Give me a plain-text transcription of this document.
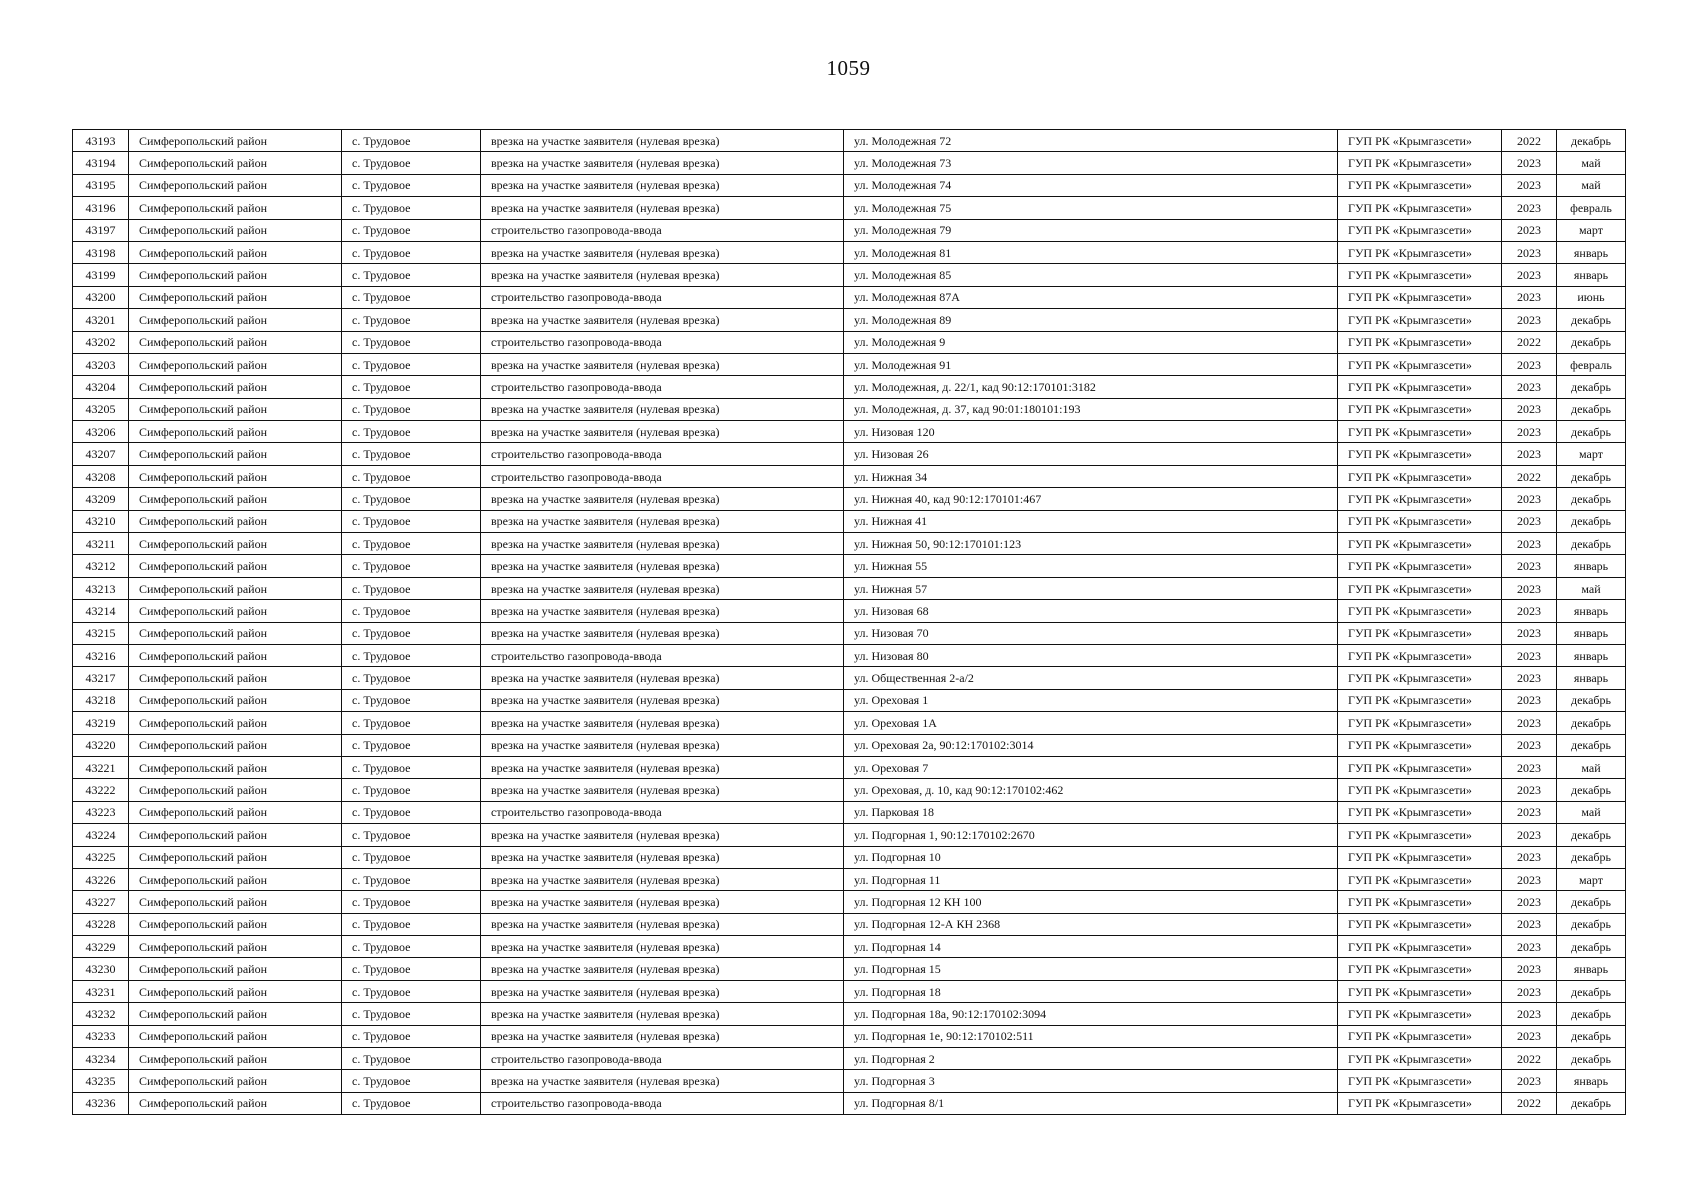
1059
43193	Симферопольский район	с. Трудовое	врезка на участке заявителя (нулевая врезка)	ул. Молодежная 72	ГУП РК «Крымгазсети»	2022	декабрь
43194	Симферопольский район	с. Трудовое	врезка на участке заявителя (нулевая врезка)	ул. Молодежная 73	ГУП РК «Крымгазсети»	2023	май
43195	Симферопольский район	с. Трудовое	врезка на участке заявителя (нулевая врезка)	ул. Молодежная 74	ГУП РК «Крымгазсети»	2023	май
43196	Симферопольский район	с. Трудовое	врезка на участке заявителя (нулевая врезка)	ул. Молодежная 75	ГУП РК «Крымгазсети»	2023	февраль
43197	Симферопольский район	с. Трудовое	строительство газопровода-ввода	ул. Молодежная 79	ГУП РК «Крымгазсети»	2023	март
43198	Симферопольский район	с. Трудовое	врезка на участке заявителя (нулевая врезка)	ул. Молодежная 81	ГУП РК «Крымгазсети»	2023	январь
43199	Симферопольский район	с. Трудовое	врезка на участке заявителя (нулевая врезка)	ул. Молодежная 85	ГУП РК «Крымгазсети»	2023	январь
43200	Симферопольский район	с. Трудовое	строительство газопровода-ввода	ул. Молодежная 87А	ГУП РК «Крымгазсети»	2023	июнь
43201	Симферопольский район	с. Трудовое	врезка на участке заявителя (нулевая врезка)	ул. Молодежная 89	ГУП РК «Крымгазсети»	2023	декабрь
43202	Симферопольский район	с. Трудовое	строительство газопровода-ввода	ул. Молодежная 9	ГУП РК «Крымгазсети»	2022	декабрь
43203	Симферопольский район	с. Трудовое	врезка на участке заявителя (нулевая врезка)	ул. Молодежная 91	ГУП РК «Крымгазсети»	2023	февраль
43204	Симферопольский район	с. Трудовое	строительство газопровода-ввода	ул. Молодежная, д. 22/1, кад 90:12:170101:3182	ГУП РК «Крымгазсети»	2023	декабрь
43205	Симферопольский район	с. Трудовое	врезка на участке заявителя (нулевая врезка)	ул. Молодежная, д. 37, кад 90:01:180101:193	ГУП РК «Крымгазсети»	2023	декабрь
43206	Симферопольский район	с. Трудовое	врезка на участке заявителя (нулевая врезка)	ул. Низовая 120	ГУП РК «Крымгазсети»	2023	декабрь
43207	Симферопольский район	с. Трудовое	строительство газопровода-ввода	ул. Низовая 26	ГУП РК «Крымгазсети»	2023	март
43208	Симферопольский район	с. Трудовое	строительство газопровода-ввода	ул. Нижная 34	ГУП РК «Крымгазсети»	2022	декабрь
43209	Симферопольский район	с. Трудовое	врезка на участке заявителя (нулевая врезка)	ул. Нижная 40, кад 90:12:170101:467	ГУП РК «Крымгазсети»	2023	декабрь
43210	Симферопольский район	с. Трудовое	врезка на участке заявителя (нулевая врезка)	ул. Нижная 41	ГУП РК «Крымгазсети»	2023	декабрь
43211	Симферопольский район	с. Трудовое	врезка на участке заявителя (нулевая врезка)	ул. Нижная 50, 90:12:170101:123	ГУП РК «Крымгазсети»	2023	декабрь
43212	Симферопольский район	с. Трудовое	врезка на участке заявителя (нулевая врезка)	ул. Нижная 55	ГУП РК «Крымгазсети»	2023	январь
43213	Симферопольский район	с. Трудовое	врезка на участке заявителя (нулевая врезка)	ул. Нижная 57	ГУП РК «Крымгазсети»	2023	май
43214	Симферопольский район	с. Трудовое	врезка на участке заявителя (нулевая врезка)	ул. Низовая 68	ГУП РК «Крымгазсети»	2023	январь
43215	Симферопольский район	с. Трудовое	врезка на участке заявителя (нулевая врезка)	ул. Низовая 70	ГУП РК «Крымгазсети»	2023	январь
43216	Симферопольский район	с. Трудовое	строительство газопровода-ввода	ул. Низовая 80	ГУП РК «Крымгазсети»	2023	январь
43217	Симферопольский район	с. Трудовое	врезка на участке заявителя (нулевая врезка)	ул. Общественная 2-а/2	ГУП РК «Крымгазсети»	2023	январь
43218	Симферопольский район	с. Трудовое	врезка на участке заявителя (нулевая врезка)	ул. Ореховая 1	ГУП РК «Крымгазсети»	2023	декабрь
43219	Симферопольский район	с. Трудовое	врезка на участке заявителя (нулевая врезка)	ул. Ореховая 1А	ГУП РК «Крымгазсети»	2023	декабрь
43220	Симферопольский район	с. Трудовое	врезка на участке заявителя (нулевая врезка)	ул. Ореховая 2а, 90:12:170102:3014	ГУП РК «Крымгазсети»	2023	декабрь
43221	Симферопольский район	с. Трудовое	врезка на участке заявителя (нулевая врезка)	ул. Ореховая 7	ГУП РК «Крымгазсети»	2023	май
43222	Симферопольский район	с. Трудовое	врезка на участке заявителя (нулевая врезка)	ул. Ореховая, д. 10, кад 90:12:170102:462	ГУП РК «Крымгазсети»	2023	декабрь
43223	Симферопольский район	с. Трудовое	строительство газопровода-ввода	ул. Парковая 18	ГУП РК «Крымгазсети»	2023	май
43224	Симферопольский район	с. Трудовое	врезка на участке заявителя (нулевая врезка)	ул. Подгорная 1, 90:12:170102:2670	ГУП РК «Крымгазсети»	2023	декабрь
43225	Симферопольский район	с. Трудовое	врезка на участке заявителя (нулевая врезка)	ул. Подгорная 10	ГУП РК «Крымгазсети»	2023	декабрь
43226	Симферопольский район	с. Трудовое	врезка на участке заявителя (нулевая врезка)	ул. Подгорная 11	ГУП РК «Крымгазсети»	2023	март
43227	Симферопольский район	с. Трудовое	врезка на участке заявителя (нулевая врезка)	ул. Подгорная 12 КН 100	ГУП РК «Крымгазсети»	2023	декабрь
43228	Симферопольский район	с. Трудовое	врезка на участке заявителя (нулевая врезка)	ул. Подгорная 12-А КН 2368	ГУП РК «Крымгазсети»	2023	декабрь
43229	Симферопольский район	с. Трудовое	врезка на участке заявителя (нулевая врезка)	ул. Подгорная 14	ГУП РК «Крымгазсети»	2023	декабрь
43230	Симферопольский район	с. Трудовое	врезка на участке заявителя (нулевая врезка)	ул. Подгорная 15	ГУП РК «Крымгазсети»	2023	январь
43231	Симферопольский район	с. Трудовое	врезка на участке заявителя (нулевая врезка)	ул. Подгорная 18	ГУП РК «Крымгазсети»	2023	декабрь
43232	Симферопольский район	с. Трудовое	врезка на участке заявителя (нулевая врезка)	ул. Подгорная 18а, 90:12:170102:3094	ГУП РК «Крымгазсети»	2023	декабрь
43233	Симферопольский район	с. Трудовое	врезка на участке заявителя (нулевая врезка)	ул. Подгорная 1е, 90:12:170102:511	ГУП РК «Крымгазсети»	2023	декабрь
43234	Симферопольский район	с. Трудовое	строительство газопровода-ввода	ул. Подгорная 2	ГУП РК «Крымгазсети»	2022	декабрь
43235	Симферопольский район	с. Трудовое	врезка на участке заявителя (нулевая врезка)	ул. Подгорная 3	ГУП РК «Крымгазсети»	2023	январь
43236	Симферопольский район	с. Трудовое	строительство газопровода-ввода	ул. Подгорная 8/1	ГУП РК «Крымгазсети»	2022	декабрь
